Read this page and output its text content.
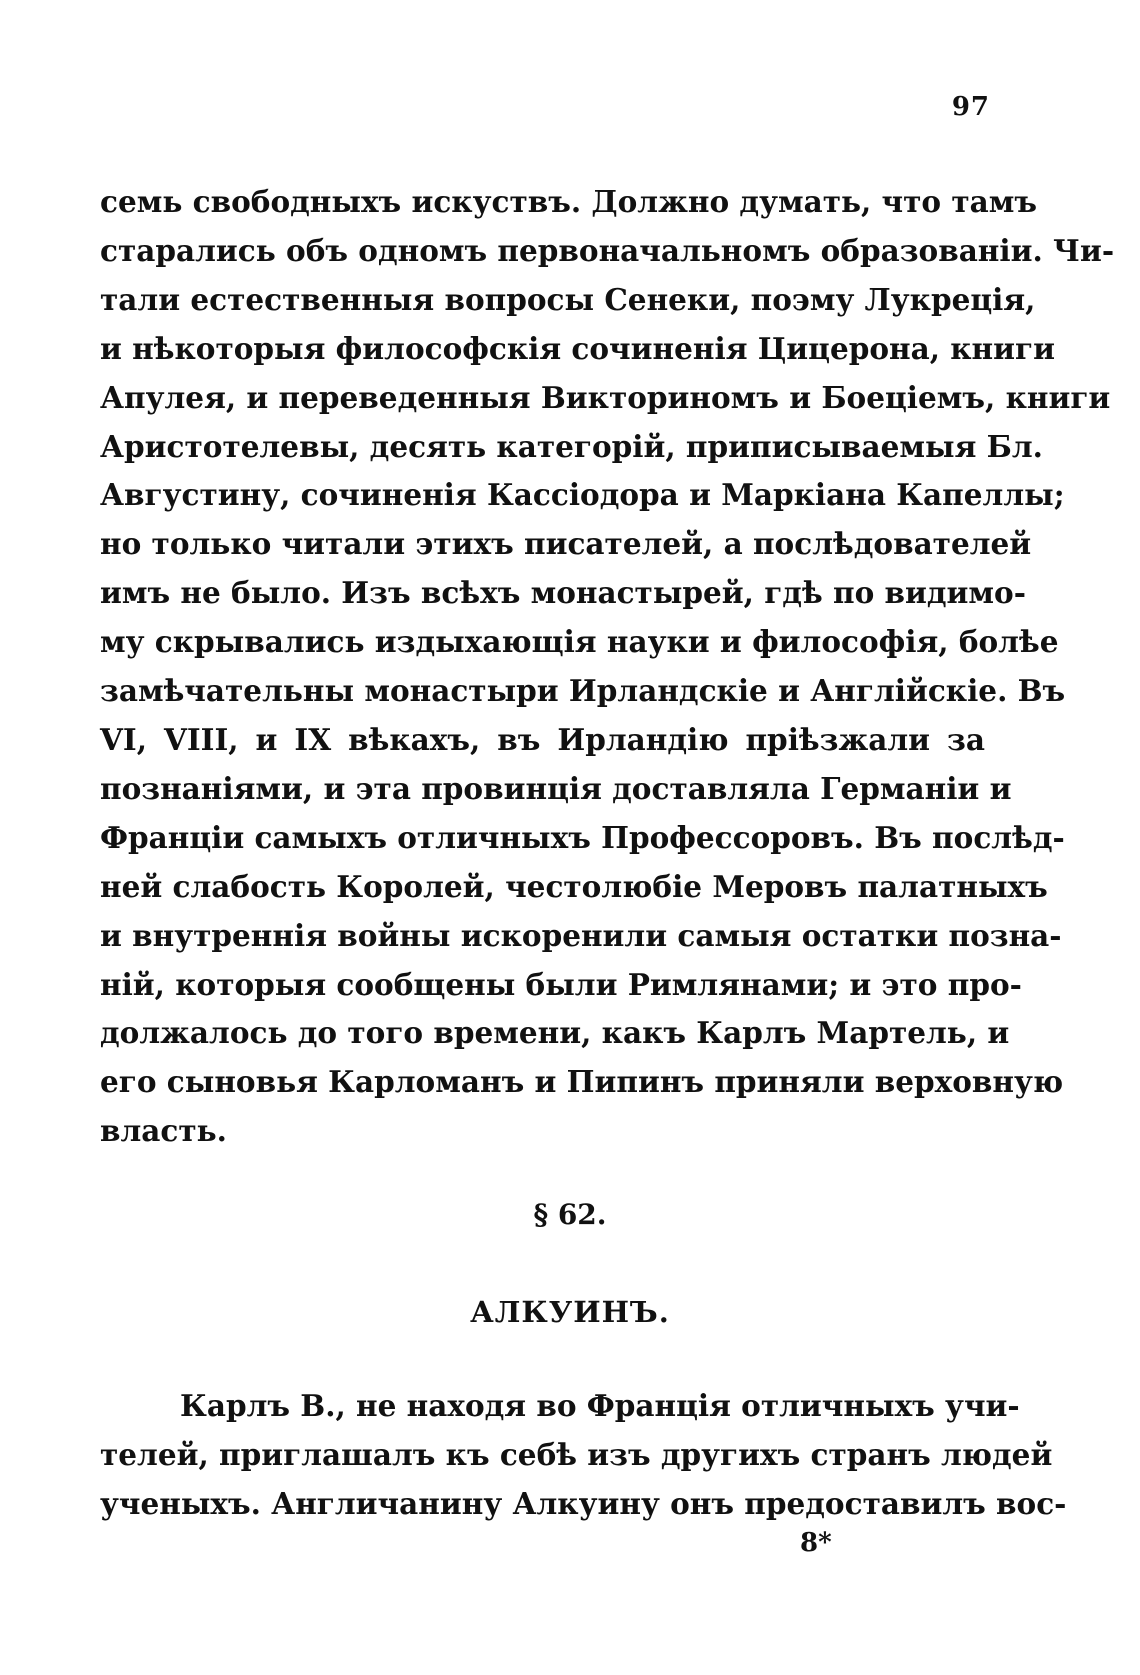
97
семь свободныхъ искуствъ. Должно думать, что тамъ
старались объ одномъ первоначальномъ образованіи. Чи-
тали естественныя вопросы Сенеки, поэму Лукреція,
и нѣкоторыя философскія сочиненія Цицерона, книги
Апулея, и переведенныя Викториномъ и Боеціемъ, книги
Аристотелевы, десять категорій, приписываемыя Бл.
Августину, сочиненія Кассіодора и Маркіана Капеллы;
но только читали этихъ писателей, а послѣдователей
имъ не было. Изъ всѣхъ монастырей, гдѣ по видимо-
му скрывались издыхающія науки и философія, болѣе
замѣчательны монастыри Ирландскіе и Англійскіе. Въ
VI, VIII, и IX вѣкахъ, въ Ирландію пріѣзжали за
познаніями, и эта провинція доставляла Германіи и
Франціи самыхъ отличныхъ Профессоровъ. Въ послѣд-
ней слабость Королей, честолюбіе Меровъ палатныхъ
и внутреннія войны искоренили самыя остатки позна-
ній, которыя сообщены были Римлянами; и это про-
должалось до того времени, какъ Карлъ Мартель, и
его сыновья Карломанъ и Пипинъ приняли верховную
власть.
§ 62.
АЛКУИНЪ.
Карлъ В., не находя во Франція отличныхъ учи-
телей, приглашалъ къ себѣ изъ другихъ странъ людей
ученыхъ. Англичанину Алкуину онъ предоставилъ вос-
8*
